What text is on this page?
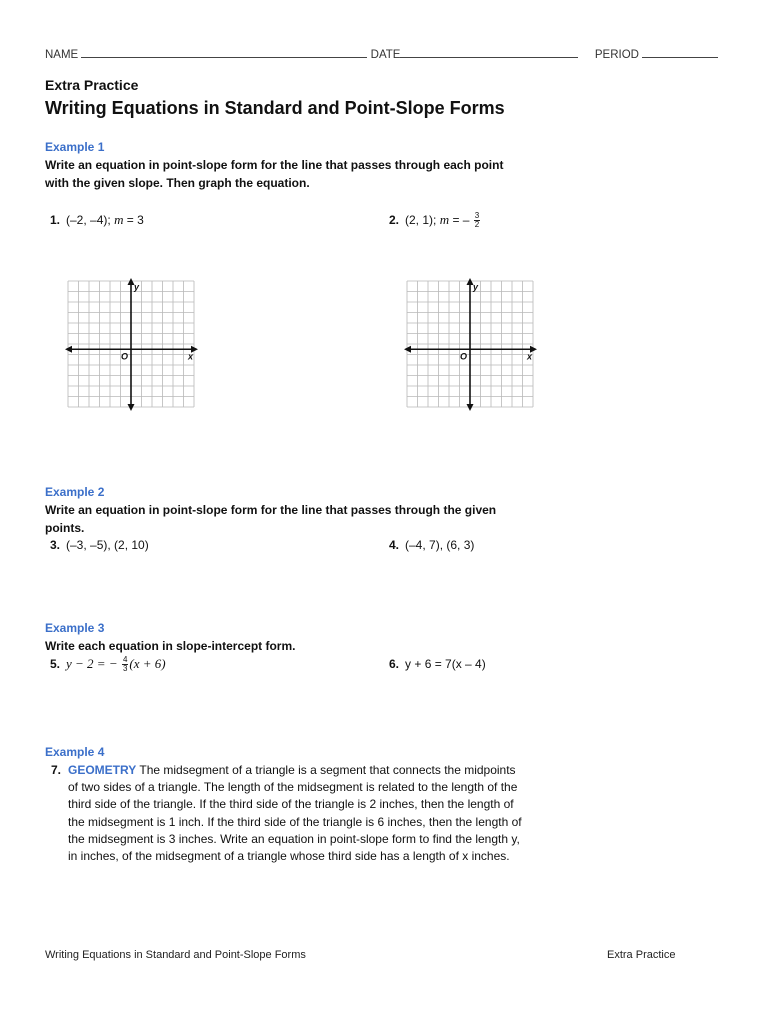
NAME	DATE	PERIOD
Extra Practice
Writing Equations in Standard and Point-Slope Forms
Example 1
Write an equation in point-slope form for the line that passes through each point with the given slope. Then graph the equation.
1. (–2, –4); m = 3	2. (2, 1); m = – $\frac{3}{2}$
y
x
O
y
x
O
Example 2
Write an equation in point-slope form for the line that passes through the given points.
3. (–3, –5), (2, 10)	4. (–4, 7), (6, 3)
Example 3
Write each equation in slope-intercept form.
5. y − 2 = − $\frac{4}{3} (x + 6)$	6. y + 6 = 7(x – 4)
Example 4
7. GEOMETRY The midsegment of a triangle is a segment that connects the midpoints of two sides of a triangle. The length of the midsegment is related to the length of the third side of the triangle. If the third side of the triangle is 2 inches, then the length of the midsegment is 1 inch. If the third side of the triangle is 6 inches, then the length of the midsegment is 3 inches. Write an equation in point-slope form to find the length y, in inches, of the midsegment of a triangle whose third side has a length of x inches.
Writing Equations in Standard and Point-Slope Forms	Extra Practice
